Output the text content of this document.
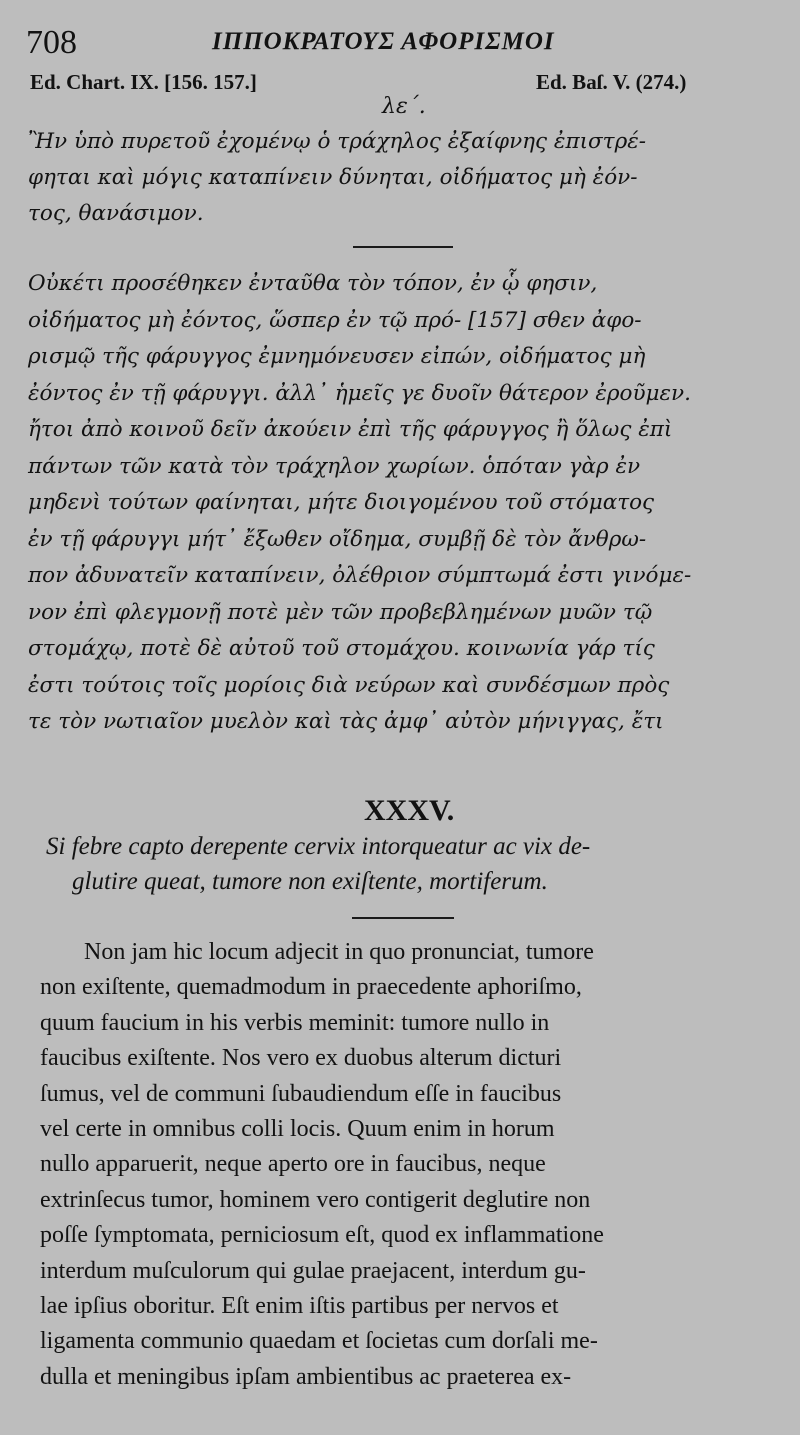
708	ΙΠΠΟΚΡΑΤΟΥΣ ΑΦΟΡΙΣΜΟΙ
Ed. Chart. IX. [156. 157.]	Ed. Baſ. V. (274.)
λε΄.
Ἢν ὑπὸ πυρετοῦ ἐχομένῳ ὁ τράχηλος ἐξαίφνης ἐπιστρέ-
φηται καὶ μόγις καταπίνειν δύνηται, οἰδήματος μὴ ἐόν-
τος, θανάσιμον.
Οὐκέτι προσέθηκεν ἐνταῦθα τὸν τόπον, ἐν ᾧ φησιν,
οἰδήματος μὴ ἐόντος, ὥσπερ ἐν τῷ πρό- [157] σθεν ἀφο-
ρισμῷ τῆς φάρυγγος ἐμνημόνευσεν εἰπών, οἰδήματος μὴ
ἐόντος ἐν τῇ φάρυγγι. ἀλλ᾿ ἡμεῖς γε δυοῖν θάτερον ἐροῦμεν.
ἤτοι ἀπὸ κοινοῦ δεῖν ἀκούειν ἐπὶ τῆς φάρυγγος ἢ ὅλως ἐπὶ
πάντων τῶν κατὰ τὸν τράχηλον χωρίων. ὁπόταν γὰρ ἐν
μηδενὶ τούτων φαίνηται, μήτε διοιγομένου τοῦ στόματος
ἐν τῇ φάρυγγι μήτ᾿ ἔξωθεν οἴδημα, συμβῇ δὲ τὸν ἄνθρω-
πον ἀδυνατεῖν καταπίνειν, ὀλέθριον σύμπτωμά ἐστι γινόμε-
νον ἐπὶ φλεγμονῇ ποτὲ μὲν τῶν προβεβλημένων μυῶν τῷ
στομάχῳ, ποτὲ δὲ αὐτοῦ τοῦ στομάχου. κοινωνία γάρ τίς
ἐστι τούτοις τοῖς μορίοις διὰ νεύρων καὶ συνδέσμων πρὸς
τε τὸν νωτιαῖον μυελὸν καὶ τὰς ἀμφ᾿ αὐτὸν μήνιγγας, ἔτι
XXXV.
Si febre capto derepente cervix intorqueatur ac vix de-
glutire queat, tumore non exiſtente, mortiferum.
Non jam hic locum adjecit in quo pronunciat, tumore
non exiſtente, quemadmodum in praecedente aphoriſmo,
quum faucium in his verbis meminit: tumore nullo in
faucibus exiſtente. Nos vero ex duobus alterum dicturi
ſumus, vel de communi ſubaudiendum eſſe in faucibus
vel certe in omnibus colli locis. Quum enim in horum
nullo apparuerit, neque aperto ore in faucibus, neque
extrinſecus tumor, hominem vero contigerit deglutire non
poſſe ſymptomata, perniciosum eſt, quod ex inflammatione
interdum muſculorum qui gulae praejacent, interdum gu-
lae ipſius oboritur. Eſt enim iſtis partibus per nervos et
ligamenta communio quaedam et ſocietas cum dorſali me-
dulla et meningibus ipſam ambientibus ac praeterea ex-
